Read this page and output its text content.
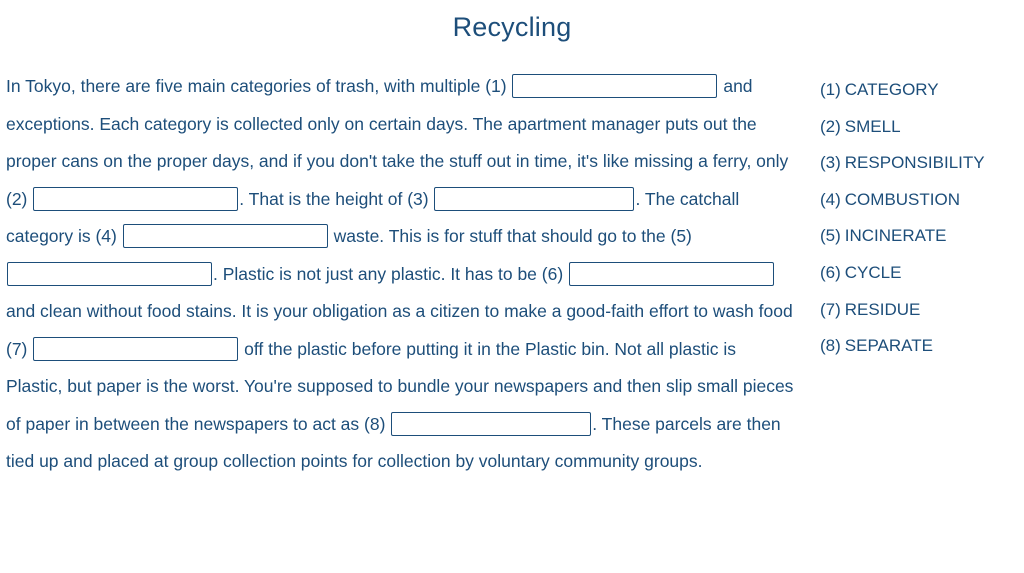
Recycling
In Tokyo, there are five main categories of trash, with multiple (1)	and exceptions. Each category is collected only on certain days. The apartment manager puts out the proper cans on the proper days, and if you don't take the stuff out in time, it's like missing a ferry, only (2)	. That is the height of (3)	. The catchall category is (4)	waste. This is for stuff that should go to the (5) . Plastic is not just any plastic. It has to be (6)	and clean without food stains. It is your obligation as a citizen to make a good-faith effort to wash food (7)	off the plastic before putting it in the Plastic bin. Not all plastic is Plastic, but paper is the worst. You're supposed to bundle your newspapers and then slip small pieces of paper in between the newspapers to act as (8)	. These parcels are then tied up and placed at group collection points for collection by voluntary community groups.
(1) CATEGORY
(2) SMELL
(3) RESPONSIBILITY
(4) COMBUSTION
(5) INCINERATE
(6) CYCLE
(7) RESIDUE
(8) SEPARATE
